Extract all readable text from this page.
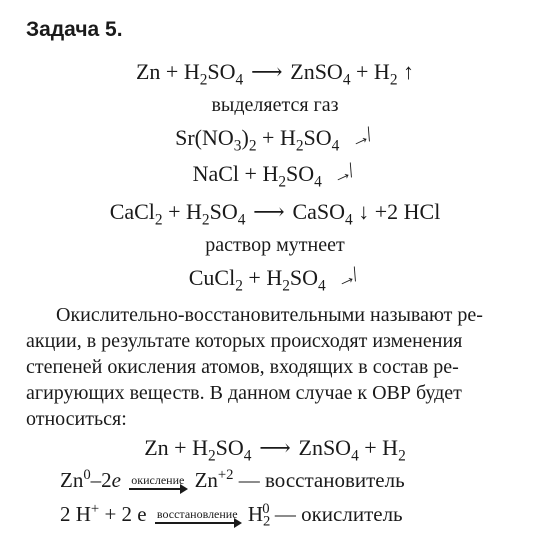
Задача 5.
$Zn + H_2SO_4$ ⟶ ZnSO$_4$ + $H_2$ ↑
выделяется газ
$Sr(NO_3)_2 + H_2SO_4$ ↛
NaCl + $H_2SO_4$ ↛
CaCl$_2$ + $H_2SO_4$ ⟶ CaSO$_4$ ↓ +2 HCl
раствор мутнеет
CuCl$_2$ + $H_2SO_4$ ↛
Окислительно-восстановительными называют ре-
акции, в результате которых происходят изменения
степеней окисления атомов, входящих в состав ре-
агирующих веществ. В данном случае к ОВР будет
относиться:
$Zn + H_2SO_4$ ⟶ ZnSO$_4$ + $H_2$
Zn$^0$–2e окисление $Zn^{+2}$ — восстановитель
2 H+ + 2 e восстановление $H_2^0$ — окислитель
